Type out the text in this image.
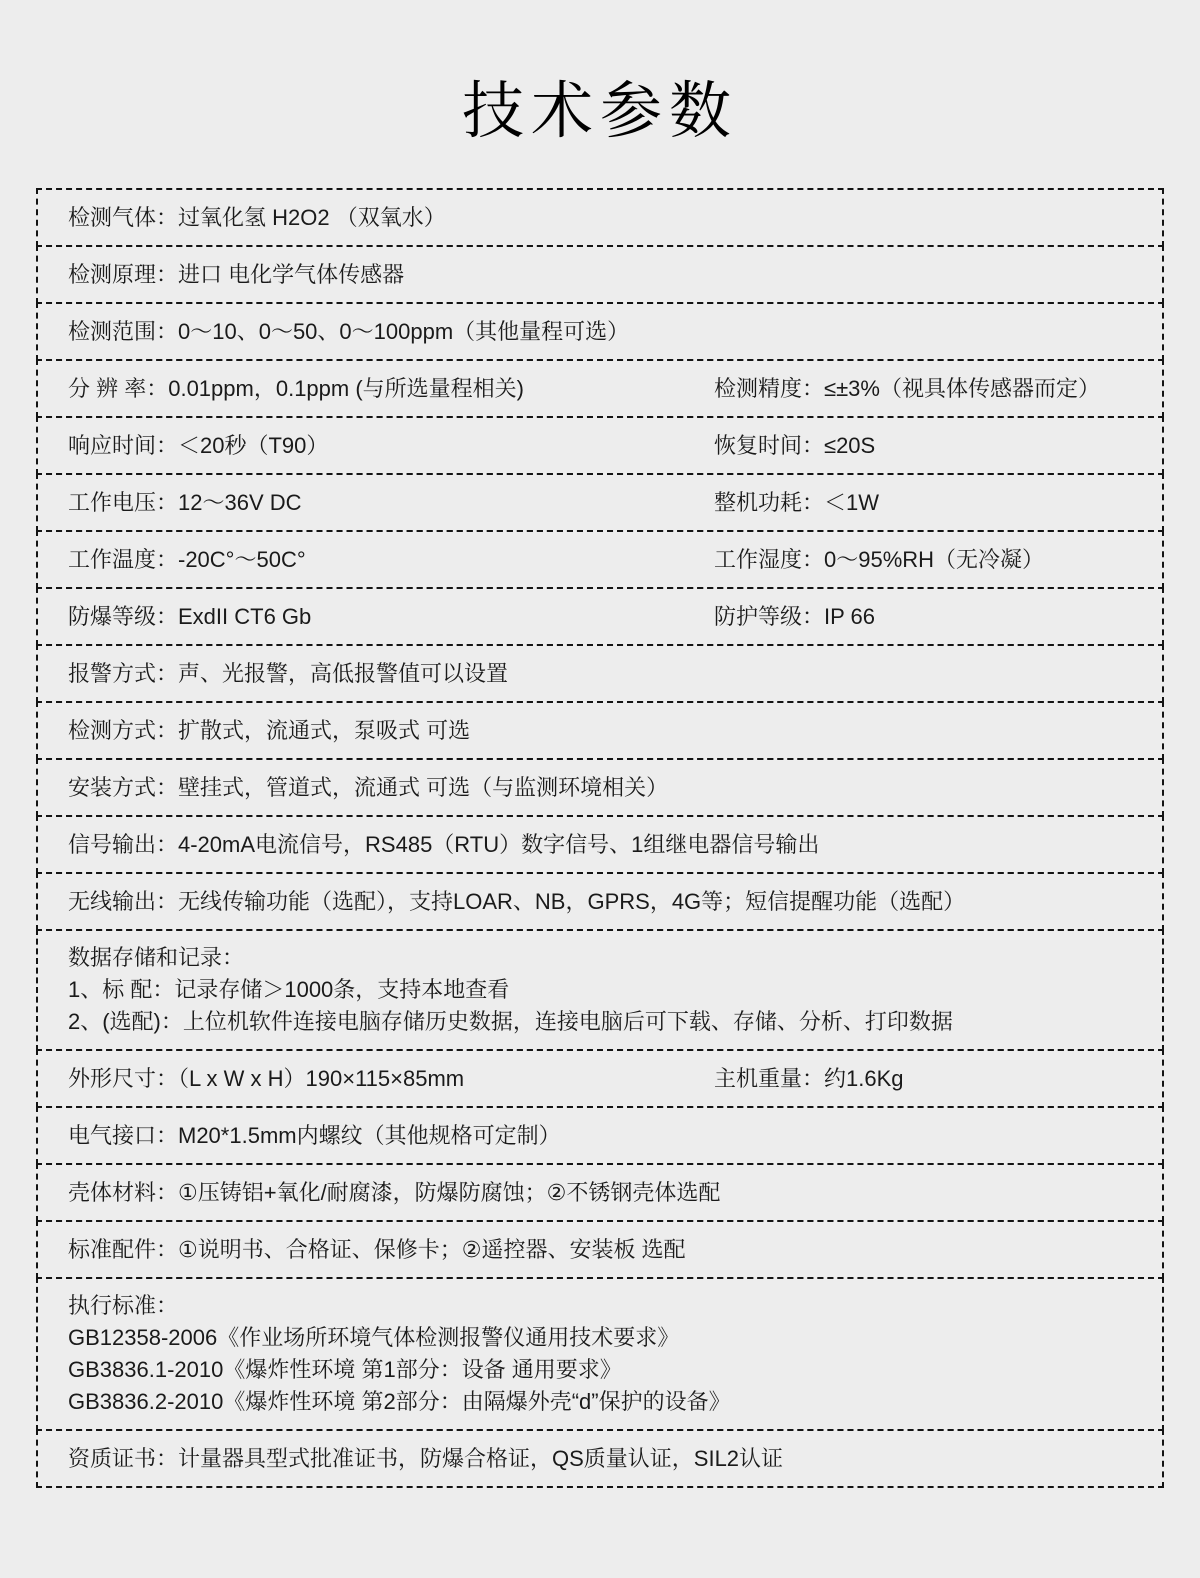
技术参数
检测气体：过氧化氢 H2O2 （双氧水）
检测原理：进口 电化学气体传感器
检测范围：0～10、0～50、0～100ppm（其他量程可选）
分 辨 率：0.01ppm，0.1ppm (与所选量程相关)	检测精度：≤±3%（视具体传感器而定）
响应时间：＜20秒（T90）	恢复时间：≤20S
工作电压：12～36V DC	整机功耗：＜1W
工作温度：-20C°～50C°	工作湿度：0～95%RH（无冷凝）
防爆等级：ExdII CT6 Gb	防护等级：IP 66
报警方式：声、光报警，高低报警值可以设置
检测方式：扩散式，流通式，泵吸式 可选
安装方式：壁挂式，管道式，流通式 可选（与监测环境相关）
信号输出：4-20mA电流信号，RS485（RTU）数字信号、1组继电器信号输出
无线输出：无线传输功能（选配），支持LOAR、NB，GPRS，4G等；短信提醒功能（选配）
数据存储和记录：
1、标 配：记录存储＞1000条，支持本地查看
2、(选配)：上位机软件连接电脑存储历史数据，连接电脑后可下载、存储、分析、打印数据
外形尺寸：（L x W x H）190×115×85mm	主机重量：约1.6Kg
电气接口：M20*1.5mm内螺纹（其他规格可定制）
壳体材料：①压铸铝+氧化/耐腐漆，防爆防腐蚀；②不锈钢壳体选配
标准配件：①说明书、合格证、保修卡；②遥控器、安装板 选配
执行标准：
GB12358-2006《作业场所环境气体检测报警仪通用技术要求》
GB3836.1-2010《爆炸性环境 第1部分：设备 通用要求》
GB3836.2-2010《爆炸性环境 第2部分：由隔爆外壳“d”保护的设备》
资质证书：计量器具型式批准证书，防爆合格证，QS质量认证，SIL2认证
